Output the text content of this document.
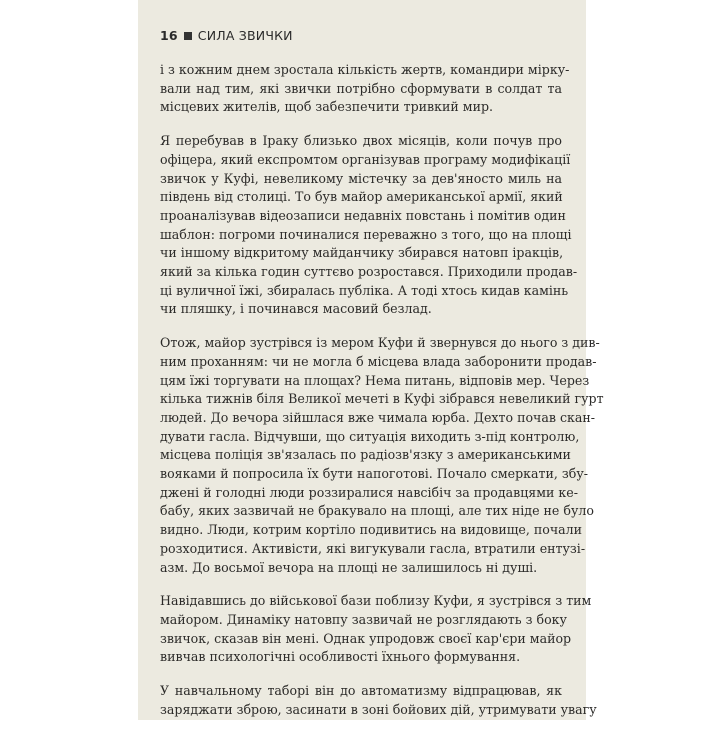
16 СИЛА ЗВИЧКИ
і з кожним днем зростала кількість жертв, командири мірку-
вали над тим, які звички потрібно сформувати в солдат та
місцевих жителів, щоб забезпечити тривкий мир.
Я перебував в Іраку близько двох місяців, коли почув про
офіцера, який експромтом організував програму модифікації
звичок у Куфі, невеликому містечку за дев'яносто миль на
південь від столиці. То був майор американської армії, який
проаналізував відеозаписи недавніх повстань і помітив один
шаблон: погроми починалися переважно з того, що на площі
чи іншому відкритому майданчику збирався натовп іракців,
який за кілька годин суттєво розростався. Приходили продав-
ці вуличної їжі, збиралась публіка. А тоді хтось кидав камінь
чи пляшку, і починався масовий безлад.
Отож, майор зустрівся із мером Куфи й звернувся до нього з див-
ним проханням: чи не могла б місцева влада заборонити продав-
цям їжі торгувати на площах? Нема питань, відповів мер. Через
кілька тижнів біля Великої мечеті в Куфі зібрався невеликий гурт
людей. До вечора зійшлася вже чимала юрба. Дехто почав скан-
дувати гасла. Відчувши, що ситуація виходить з-під контролю,
місцева поліція зв'язалась по радіозв'язку з американськими
вояками й попросила їх бути напоготові. Почало смеркати, збу-
джені й голодні люди роззиралися навсібіч за продавцями ке-
бабу, яких зазвичай не бракувало на площі, але тих ніде не було
видно. Люди, котрим кортіло подивитись на видовище, почали
розходитися. Активісти, які вигукували гасла, втратили ентузі-
азм. До восьмої вечора на площі не залишилось ні душі.
Навідавшись до військової бази поблизу Куфи, я зустрівся з тим
майором. Динаміку натовпу зазвичай не розглядають з боку
звичок, сказав він мені. Однак упродовж своєї кар'єри майор
вивчав психологічні особливості їхнього формування.
У навчальному таборі він до автоматизму відпрацював, як
заряджати зброю, засинати в зоні бойових дій, утримувати увагу
